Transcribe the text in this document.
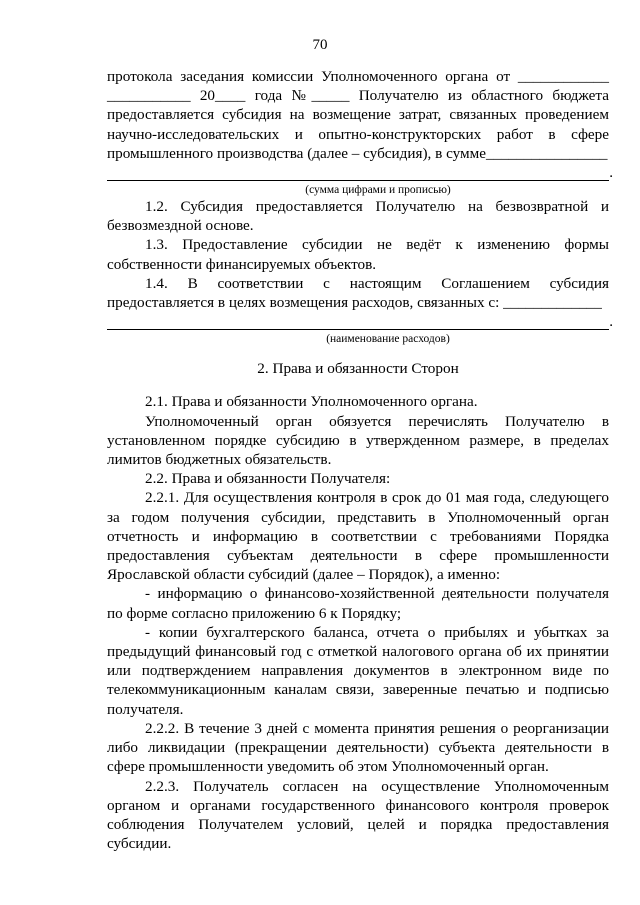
70

протокола заседания комиссии Уполномоченного органа от ____________ ___________ 20____ года №_____ Получателю из областного бюджета предоставляется субсидия на возмещение затрат, связанных проведением научно-исследовательских и опытно-конструкторских работ в сфере промышленного производства (далее – субсидия), в сумме________________

.

(сумма цифрами и прописью)

1.2. Субсидия предоставляется Получателю на безвозвратной и безвозмездной основе.

1.3. Предоставление субсидии не ведёт к изменению формы собственности финансируемых объектов.

1.4. В соответствии с настоящим Соглашением субсидия предоставляется в целях возмещения расходов, связанных с: _____________

.

(наименование расходов)

2. Права и обязанности Сторон

2.1. Права и обязанности Уполномоченного органа.

Уполномоченный орган обязуется перечислять Получателю в установленном порядке субсидию в утвержденном размере, в пределах лимитов бюджетных обязательств.

2.2. Права и обязанности Получателя:

2.2.1. Для осуществления контроля в срок до 01 мая года, следующего за годом получения субсидии, представить в Уполномоченный орган отчетность и информацию в соответствии с требованиями Порядка предоставления субъектам деятельности в сфере промышленности Ярославской области субсидий (далее – Порядок), а именно:

- информацию о финансово-хозяйственной деятельности получателя по форме согласно приложению 6 к Порядку;

- копии бухгалтерского баланса, отчета о прибылях и убытках за предыдущий финансовый год с отметкой налогового органа об их принятии или подтверждением направления документов в электронном виде по телекоммуникационным каналам связи, заверенные печатью и подписью получателя.

2.2.2. В течение 3 дней с момента принятия решения о реорганизации либо ликвидации (прекращении деятельности) субъекта деятельности в сфере промышленности уведомить об этом Уполномоченный орган.

2.2.3. Получатель согласен на осуществление Уполномоченным органом и органами государственного финансового контроля проверок соблюдения Получателем условий, целей и порядка предоставления субсидии.
